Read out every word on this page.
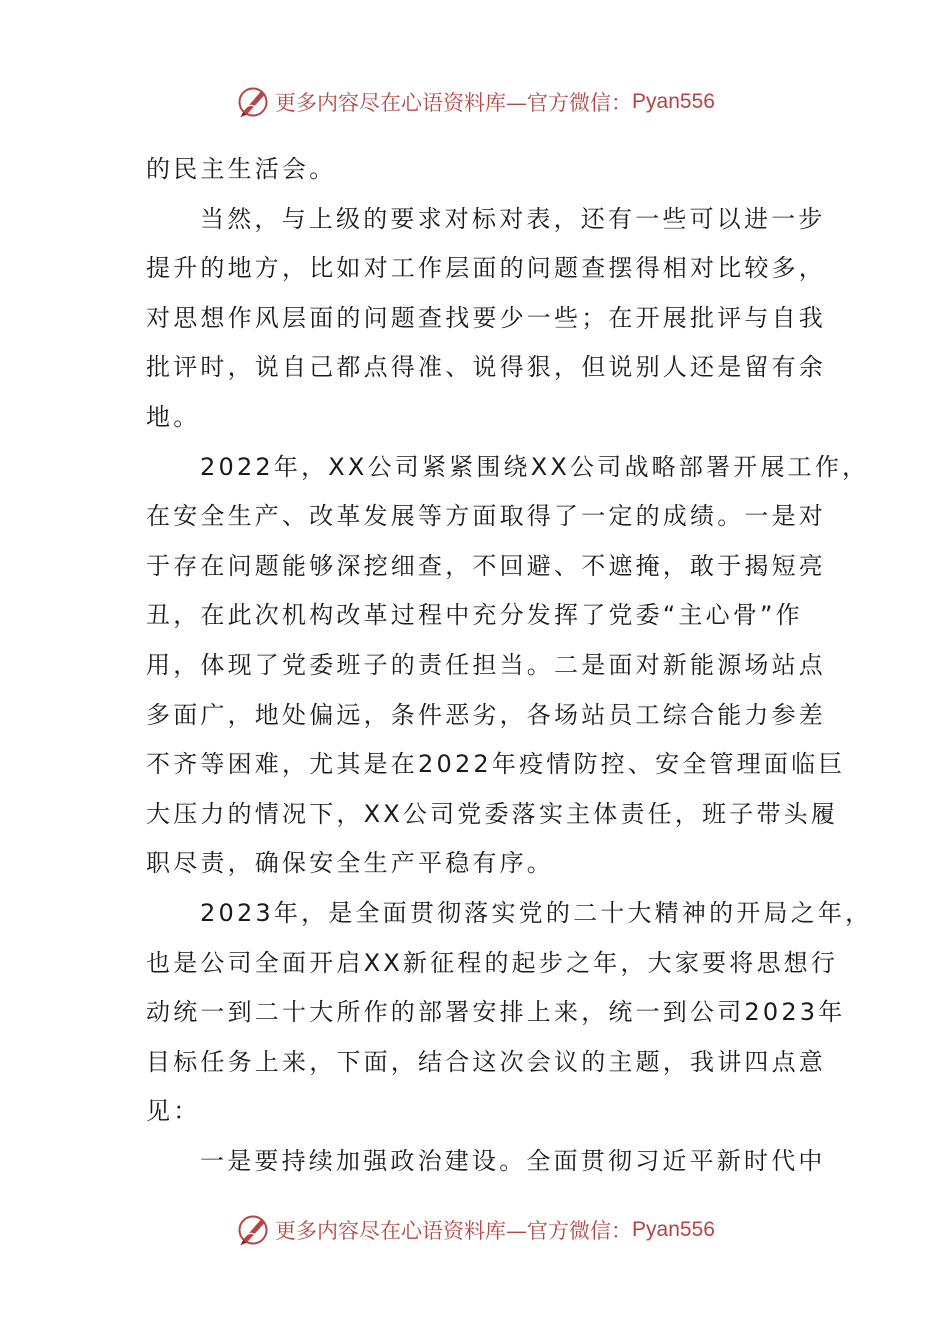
更多内容尽在心语资料库—官方微信： Pyan556
的民主生活会。
当然，与上级的要求对标对表，还有一些可以进一步
提升的地方，比如对工作层面的问题查摆得相对比较多，
对思想作风层面的问题查找要少一些；在开展批评与自我
批评时，说自己都点得准、说得狠，但说别人还是留有余
地。
2022年，XX公司紧紧围绕XX公司战略部署开展工作，
在安全生产、改革发展等方面取得了一定的成绩。一是对
于存在问题能够深挖细查，不回避、不遮掩，敢于揭短亮
丑，在此次机构改革过程中充分发挥了党委“主心骨”作
用，体现了党委班子的责任担当。二是面对新能源场站点
多面广，地处偏远，条件恶劣，各场站员工综合能力参差
不齐等困难，尤其是在2022年疫情防控、安全管理面临巨
大压力的情况下，XX公司党委落实主体责任，班子带头履
职尽责，确保安全生产平稳有序。
2023年，是全面贯彻落实党的二十大精神的开局之年，
也是公司全面开启XX新征程的起步之年，大家要将思想行
动统一到二十大所作的部署安排上来，统一到公司2023年
目标任务上来，下面，结合这次会议的主题，我讲四点意
见：
一是要持续加强政治建设。全面贯彻习近平新时代中
更多内容尽在心语资料库—官方微信： Pyan556
